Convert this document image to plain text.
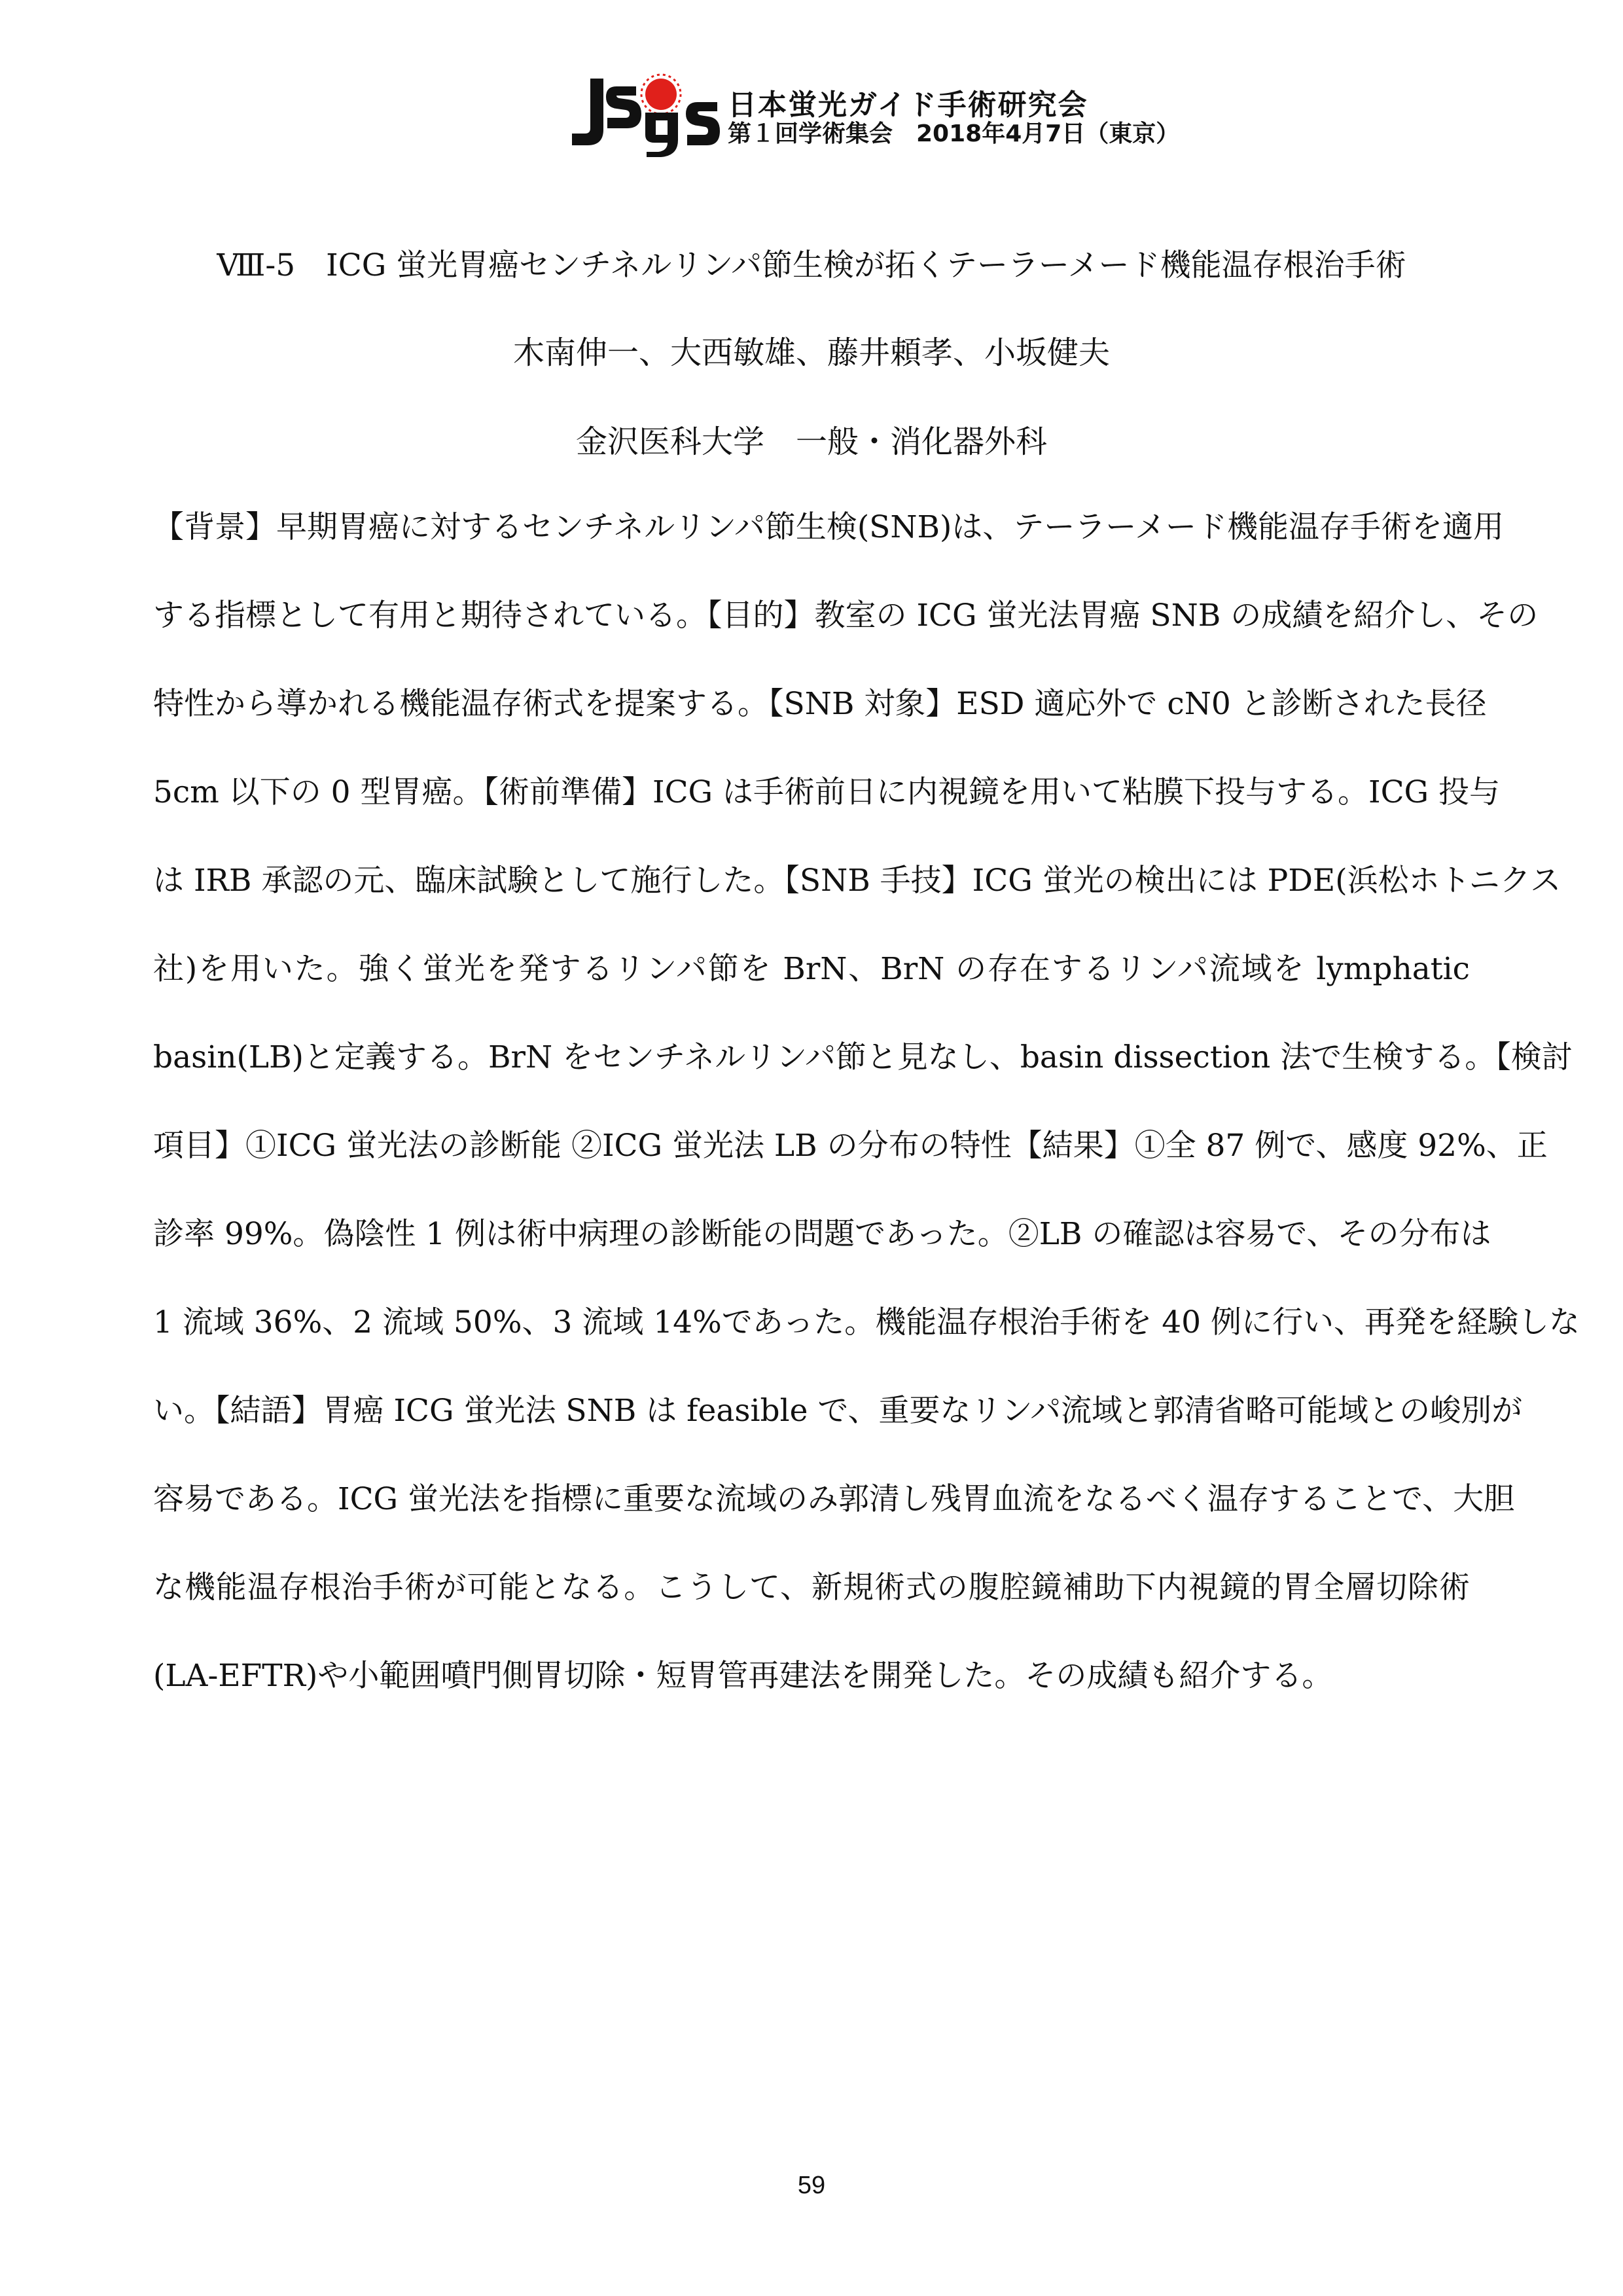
日本蛍光ガイド手術研究会
第１回学術集会　2018年4月7日（東京）
Ⅷ-5　ICG 蛍光胃癌センチネルリンパ節生検が拓くテーラーメード機能温存根治手術
木南伸一、大西敏雄、藤井頼孝、小坂健夫
金沢医科大学　一般・消化器外科
【背景】早期胃癌に対するセンチネルリンパ節生検(SNB)は、テーラーメード機能温存手術を適用
する指標として有用と期待されている。【目的】教室の ICG 蛍光法胃癌 SNB の成績を紹介し、その
特性から導かれる機能温存術式を提案する。【SNB 対象】ESD 適応外で cN0 と診断された長径
5cm 以下の 0 型胃癌。【術前準備】ICG は手術前日に内視鏡を用いて粘膜下投与する。ICG 投与
は IRB 承認の元、臨床試験として施行した。【SNB 手技】ICG 蛍光の検出には PDE(浜松ホトニクス
社)を用いた。強く蛍光を発するリンパ節を BrN、BrN の存在するリンパ流域を lymphatic
basin(LB)と定義する。BrN をセンチネルリンパ節と見なし、basin dissection 法で生検する。【検討
項目】①ICG 蛍光法の診断能 ②ICG 蛍光法 LB の分布の特性【結果】①全 87 例で、感度 92%、正
診率 99%。偽陰性 1 例は術中病理の診断能の問題であった。②LB の確認は容易で、その分布は
1 流域 36%、2 流域 50%、3 流域 14%であった。機能温存根治手術を 40 例に行い、再発を経験しな
い。【結語】胃癌 ICG 蛍光法 SNB は feasible で、重要なリンパ流域と郭清省略可能域との峻別が
容易である。ICG 蛍光法を指標に重要な流域のみ郭清し残胃血流をなるべく温存することで、大胆
な機能温存根治手術が可能となる。こうして、新規術式の腹腔鏡補助下内視鏡的胃全層切除術
(LA-EFTR)や小範囲噴門側胃切除・短胃管再建法を開発した。その成績も紹介する。
59
